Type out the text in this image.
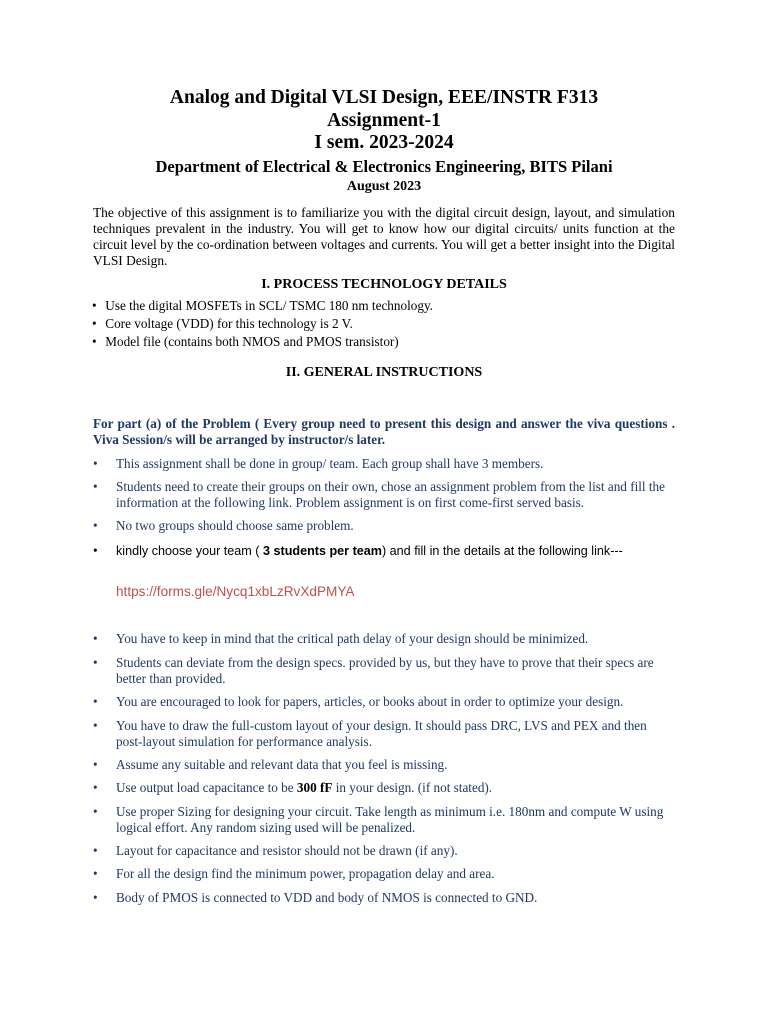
Analog and Digital VLSI Design, EEE/INSTR F313
Assignment-1
I sem. 2023-2024
Department of Electrical & Electronics Engineering, BITS Pilani
August 2023
The objective of this assignment is to familiarize you with the digital circuit design, layout, and simulation techniques prevalent in the industry. You will get to know how our digital circuits/ units function at the circuit level by the co-ordination between voltages and currents. You will get a better insight into the Digital VLSI Design.
I. PROCESS TECHNOLOGY DETAILS
• Use the digital MOSFETs in SCL/ TSMC 180 nm technology.
• Core voltage (VDD) for this technology is 2 V.
• Model file (contains both NMOS and PMOS transistor)
II. GENERAL INSTRUCTIONS
For part (a) of the Problem ( Every group need to present this design and answer the viva questions . Viva Session/s will be arranged by instructor/s later.
•	This assignment shall be done in group/ team. Each group shall have 3 members.
•	Students need to create their groups on their own, chose an assignment problem from the list and fill the information at the following link. Problem assignment is on first come-first served basis.
•	No two groups should choose same problem.
•	kindly choose your team ( 3 students per team) and fill in the details at the following link---
•	You have to keep in mind that the critical path delay of your design should be minimized.
•	Students can deviate from the design specs. provided by us, but they have to prove that their specs are better than provided.
•	You are encouraged to look for papers, articles, or books about in order to optimize your design.
•	You have to draw the full-custom layout of your design. It should pass DRC, LVS and PEX and then post-layout simulation for performance analysis.
•	Assume any suitable and relevant data that you feel is missing.
•	Use output load capacitance to be 300 fF in your design. (if not stated).
•	Use proper Sizing for designing your circuit. Take length as minimum i.e. 180nm and compute W using logical effort. Any random sizing used will be penalized.
•	Layout for capacitance and resistor should not be drawn (if any).
•	For all the design find the minimum power, propagation delay and area.
•	Body of PMOS is connected to VDD and body of NMOS is connected to GND.
https://forms.gle/Nycq1xbLzRvXdPMYA
